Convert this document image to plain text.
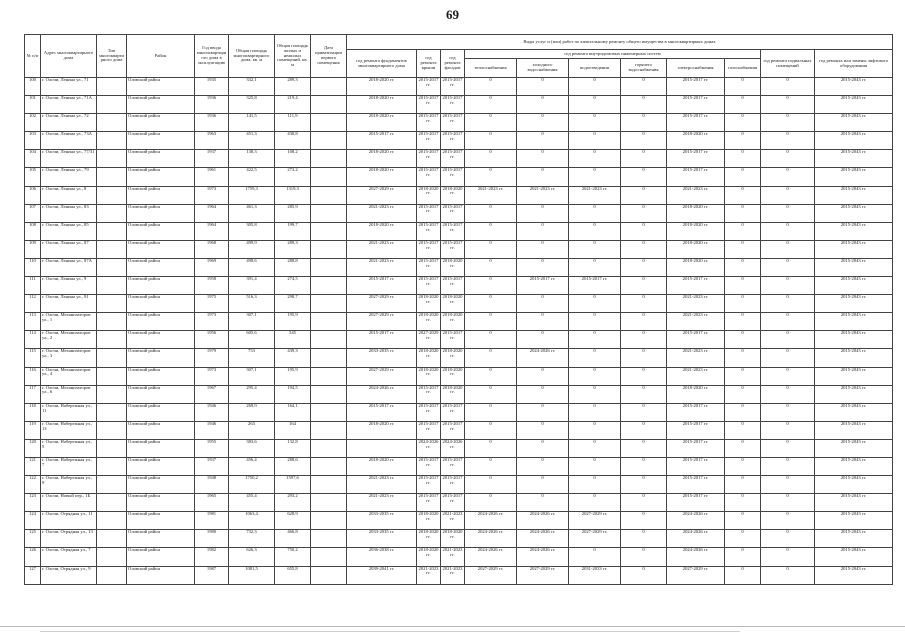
69
№ п/п	Адрес многоквартирного дома	Тип многоквартирного дома	Район	Год ввода многоквартирного дома в эксплуатацию	Общая площадь многоквартирного дома, кв. м	Общая площадь жилых и нежилых помещений, кв. м	Дата приватизации первого помещения	Виды услуг и (или) работ по капитальному ремонту общего имущества в многоквартирных домах										
								год ремонта фундаментов многоквартирного дома	год ремонта крыши	год ремонта фасадов	год ремонта внутридомовых инженерных систем						год ремонта подвальных помещений	год ремонта или замены лифтового оборудования
											теплоснабжения	холодного водоснабжения	водоотведения	горячего водоснабжения	электроснабжения	газоснабжения		
100	г. Олочи, Ленина ул., 71		Оловский район	1935	332,1	289,3		2018-2020 гг.	2015-2017 гг.	2015-2017 гг.	0	0	0	0	2015-2017 гг.	0	0	2015-2043 гг.
101	г. Олочи, Ленина ул., 71А		Оловский район	1936	325,8	219,4		2018-2020 гг.	2015-2017 гг.	2015-2017 гг.	0	0	0	0	2015-2017 гг.	0	0	2015-2043 гг.
102	г. Олочи, Ленина ул., 72		Оловский район	1936	141,5	111,9		2018-2020 гг.	2015-2017 гг.	2015-2017 гг.	0	0	0	0	2015-2017 гг.	0	0	2015-2043 гг.
103	г. Олочи, Ленина ул., 73А		Оловский район	1963	451,3	430,8		2015-2017 гг.	2015-2017 гг.	2015-2017 гг.	0	0	0	0	2018-2020 гг.	0	0	2015-2043 гг.
104	г. Олочи, Ленина ул., 77/31		Оловский район	1937	138,3	108,2		2018-2020 гг.	2015-2017 гг.	2015-2017 гг.	0	0	0	0	2015-2017 гг.	0	0	2015-2043 гг.
105	г. Олочи, Ленина ул., 79		Оловский район	1961	422,5	273,2		2018-2020 гг.	2015-2017 гг.	2015-2017 гг.	0	0	0	0	2015-2017 гг.	0	0	2015-2043 гг.
106	г. Олочи, Ленина ул., 8		Оловский район	1973	1759,3	1319,3		2027-2029 гг.	2018-2020 гг.	2018-2020 гг.	2021-2023 гг.	2021-2023 гг.	2021-2023 гг.	0	2021-2023 гг.	0	0	2015-2043 гг.
107	г. Олочи, Ленина ул., 83		Оловский район	1964	461,3	285,9		2021-2023 гг.	2015-2017 гг.	2015-2017 гг.	0	0	0	0	2018-2020 гг.	0	0	2015-2043 гг.
108	г. Олочи, Ленина ул., 85		Оловский район	1964	305,8	199,7		2018-2020 гг.	2015-2017 гг.	2015-2017 гг.	0	0	0	0	2018-2020 гг.	0	0	2015-2043 гг.
109	г. Олочи, Ленина ул., 87		Оловский район	1968	499,9	289,3		2021-2023 гг.	2015-2017 гг.	2015-2017 гг.	0	0	0	0	2018-2020 гг.	0	0	2015-2043 гг.
110	г. Олочи, Ленина ул., 87А		Оловский район	1969	498,6	288,8		2021-2023 гг.	2015-2017 гг.	2018-2020 гг.	0	0	0	0	2018-2020 гг.	0	0	2015-2043 гг.
111	г. Олочи, Ленина ул., 9		Оловский район	1958	391,4	274,5		2015-2017 гг.	2015-2017 гг.	2015-2017 гг.	0	2015-2017 гг.	2015-2017 гг.	0	2015-2017 гг.	0	0	2015-2043 гг.
112	г. Олочи, Ленина ул., 91		Оловский район	1975	516,3	298,7		2027-2029 гг.	2018-2020 гг.	2018-2020 гг.	0	0	0	0	2021-2023 гг.	0	0	2015-2043 гг.
113	г. Олочи, Механизаторов ул., 1		Оловский район	1973	307,1	195,9		2027-2029 гг.	2018-2020 гг.	2018-2020 гг.	0	0	0	0	2021-2023 гг.	0	0	2015-2043 гг.
114	г. Олочи, Механизаторов ул., 2		Оловский район	1956	605,6	545		2015-2017 гг.	2027-2029 гг.	2015-2017 гг.	0	0	0	0	2015-2017 гг.	0	0	2015-2043 гг.
115	г. Олочи, Механизаторов ул., 3		Оловский район	1979	753	439,3		2033-2035 гг.	2018-2020 гг.	2018-2020 гг.	0	2024-2026 гг.	0	0	2021-2023 гг.	0	0	2015-2043 гг.
116	г. Олочи, Механизаторов ул., 4		Оловский район	1973	307,1	195,9		2027-2029 гг.	2018-2020 гг.	2018-2020 гг.	0	0	0	0	2021-2023 гг.	0	0	2015-2043 гг.
117	г. Олочи, Механизаторов ул., 6		Оловский район	1967	295,4	194,5		2024-2026 гг.	2015-2017 гг.	2018-2020 гг.	0	0	0	0	2018-2020 гг.	0	0	2015-2043 гг.
118	г. Олочи, Набережная ул., 11		Оловский район	1946	269,9	164,1		2015-2017 гг.	2015-2017 гг.	2015-2017 гг.	0	0	0	0	2015-2017 гг.	0	0	2015-2043 гг.
119	г. Олочи, Набережная ул., 13		Оловский район	1946	263	164		2018-2020 гг.	2015-2017 гг.	2015-2017 гг.	0	0	0	0	2015-2017 гг.	0	0	2015-2043 гг.
120	г. Олочи, Набережная ул., 5		Оловский район	1955	383,6	132,8			2024-2026 гг.	2024-2026 гг.	0	0	0	0	2015-2017 гг.	0	0	2015-2043 гг.
121	г. Олочи, Набережная ул., 7		Оловский район	1937	456,4	288,6		2018-2020 гг.	2015-2017 гг.	2015-2017 гг.	0	0	0	0	2015-2017 гг.	0	0	2015-2043 гг.
122	г. Олочи, Набережная ул., 9		Оловский район	1948	1750,2	1597,6		2021-2023 гг.	2015-2017 гг.	2015-2017 гг.	0	0	0	0	2015-2017 гг.	0	0	2015-2043 гг.
123	г. Олочи, Новый пер., 1Б		Оловский район	1965	455,4	293,2		2021-2023 гг.	2015-2017 гг.	2015-2017 гг.	0	0	0	0	2015-2017 гг.	0	0	2015-2043 гг.
124	г. Олочи, Отрядная ул., 11		Оловский район	1981	1063,4	628,9		2033-2035 гг.	2018-2020 гг.	2021-2023 гг.	2024-2026 гг.	2024-2026 гг.	2027-2029 гг.	0	2024-2026 гг.	0	0	2015-2043 гг.
125	г. Олочи, Отрядная ул., 13		Оловский район	1980	732,3	466,8		2033-2035 гг.	2018-2020 гг.	2018-2020 гг.	2024-2026 гг.	2024-2026 гг.	2027-2029 гг.	0	2024-2026 гг.	0	0	2015-2043 гг.
126	г. Олочи, Отрядная ул., 7		Оловский район	1982	626,3	750,2		2036-2038 гг.	2018-2020 гг.	2021-2023 гг.	2024-2026 гг.	2024-2026 гг.	0	0	2024-2026 гг.	0	0	2015-2043 гг.
127	г. Олочи, Отрядная ул., 9		Оловский район	1987	1081,5	655,8		2039-2041 гг.	2021-2023 гг.	2021-2023 гг.	2027-2029 гг.	2027-2029 гг.	2031-2033 гг.	0	2027-2029 гг.	0	0	2015-2043 гг.
